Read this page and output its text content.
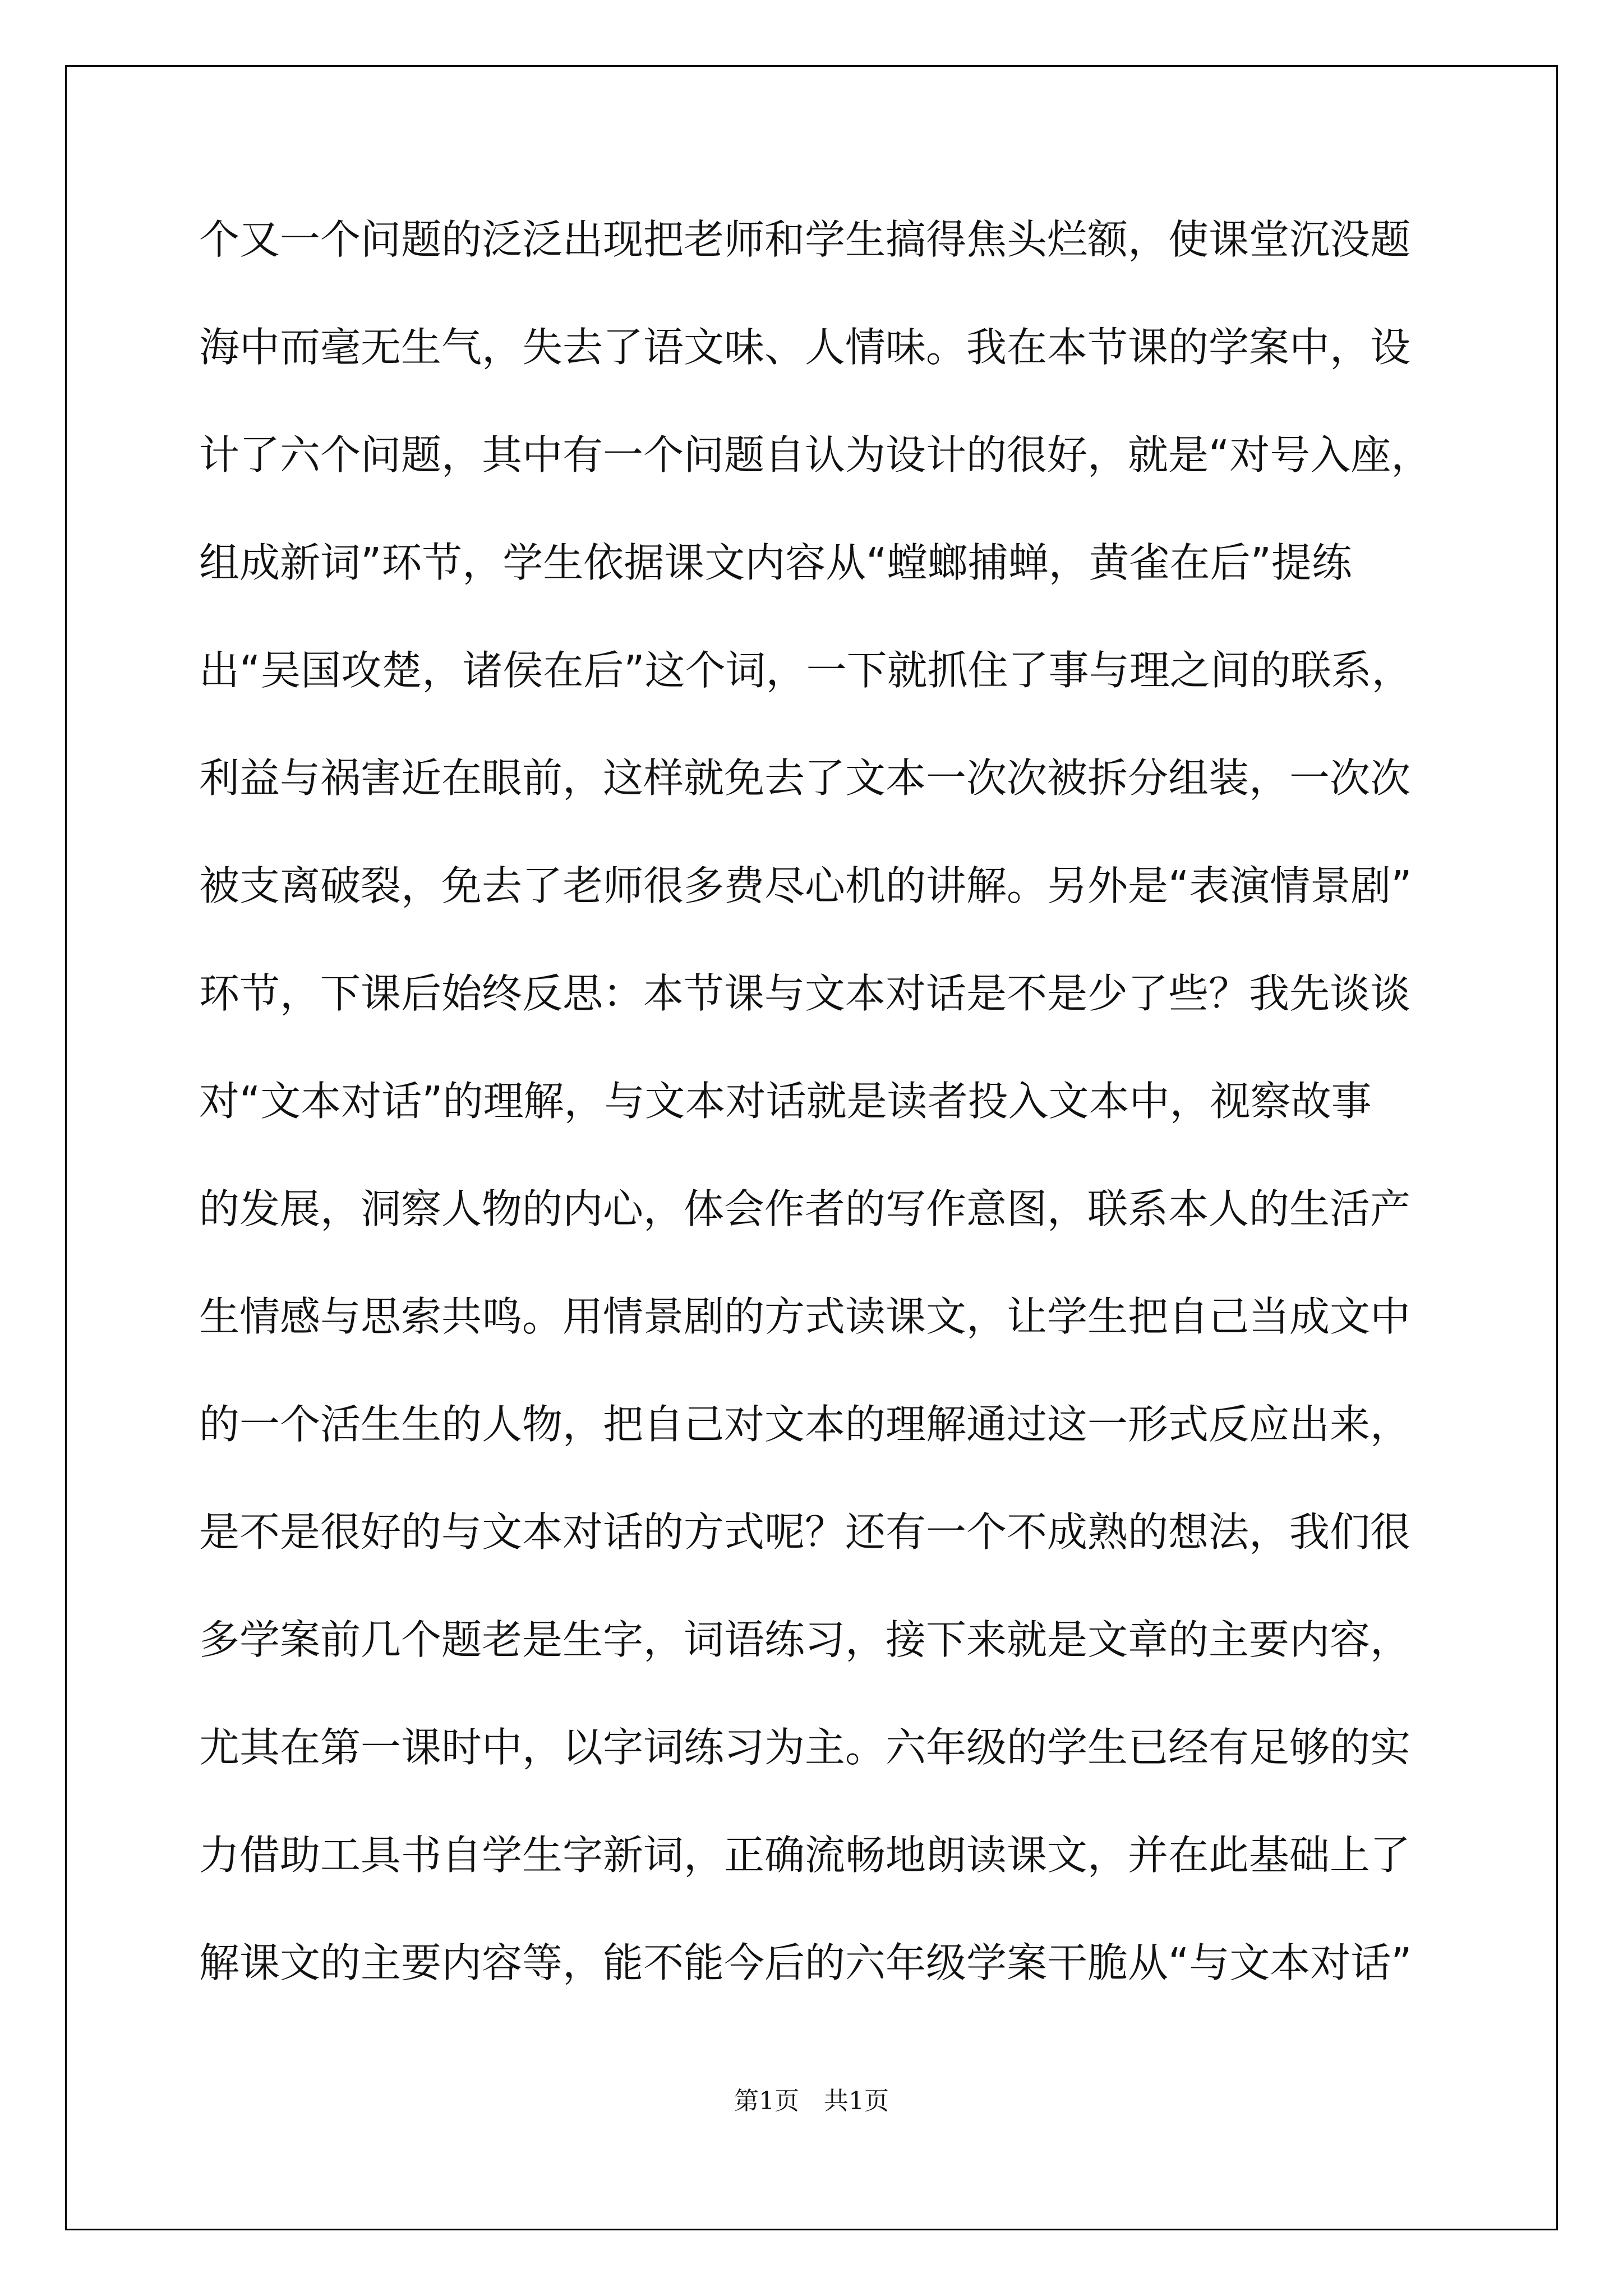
个又一个问题的泛泛出现把老师和学生搞得焦头烂额，使课堂沉没题
海中而毫无生气，失去了语文味、人情味。我在本节课的学案中，设
计了六个问题，其中有一个问题自认为设计的很好，就是“对号入座，
组成新词”环节，学生依据课文内容从“螳螂捕蝉，黄雀在后”提练
出“吴国攻楚，诸侯在后”这个词，一下就抓住了事与理之间的联系，
利益与祸害近在眼前，这样就免去了文本一次次被拆分组装，一次次
被支离破裂，免去了老师很多费尽心机的讲解。另外是“表演情景剧”
环节，下课后始终反思：本节课与文本对话是不是少了些？我先谈谈
对“文本对话”的理解，与文本对话就是读者投入文本中，视察故事
的发展，洞察人物的内心，体会作者的写作意图，联系本人的生活产
生情感与思索共鸣。用情景剧的方式读课文，让学生把自己当成文中
的一个活生生的人物，把自己对文本的理解通过这一形式反应出来，
是不是很好的与文本对话的方式呢？还有一个不成熟的想法，我们很
多学案前几个题老是生字，词语练习，接下来就是文章的主要内容，
尤其在第一课时中，以字词练习为主。六年级的学生已经有足够的实
力借助工具书自学生字新词，正确流畅地朗读课文，并在此基础上了
解课文的主要内容等，能不能今后的六年级学案干脆从“与文本对话”
第1页　共1页
